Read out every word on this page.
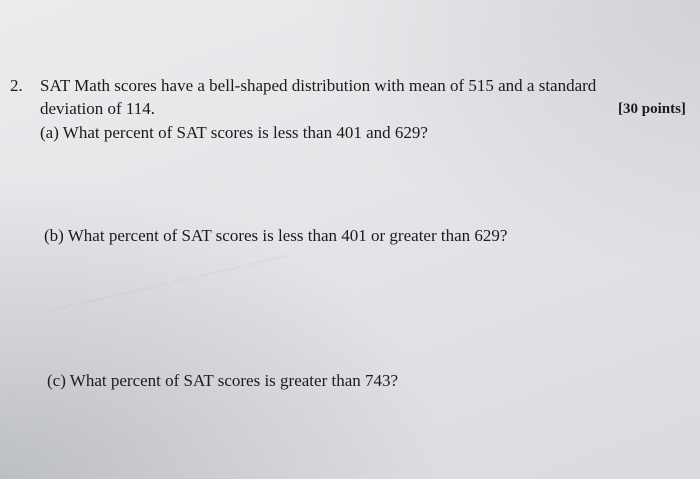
~~~ ~~~~ ~~~~~~ ~~~ ~~~~~ ~~~~~
2. SAT Math scores have a bell-shaped distribution with mean of 515 and a standard
deviation of 114.	[30 points]
(a) What percent of SAT scores is less than 401 and 629?
(b) What percent of SAT scores is less than 401 or greater than 629?
(c) What percent of SAT scores is greater than 743?
